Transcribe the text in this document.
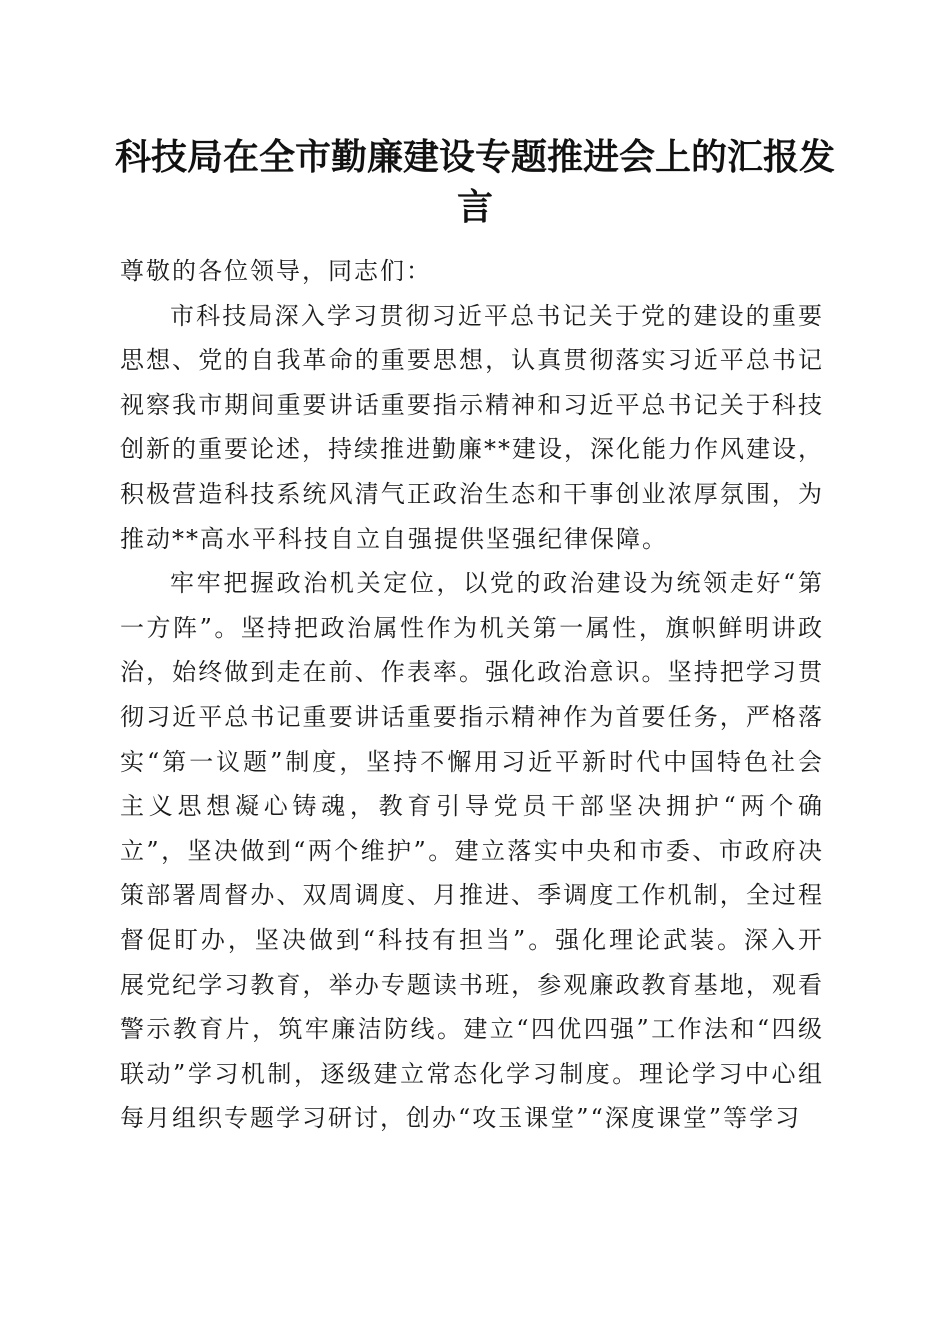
科技局在全市勤廉建设专题推进会上的汇报发言

尊敬的各位领导，同志们：

市科技局深入学习贯彻习近平总书记关于党的建设的重要思想、党的自我革命的重要思想，认真贯彻落实习近平总书记视察我市期间重要讲话重要指示精神和习近平总书记关于科技创新的重要论述，持续推进勤廉**建设，深化能力作风建设，积极营造科技系统风清气正政治生态和干事创业浓厚氛围，为推动**高水平科技自立自强提供坚强纪律保障。

牢牢把握政治机关定位，以党的政治建设为统领走好“第一方阵”。坚持把政治属性作为机关第一属性，旗帜鲜明讲政治，始终做到走在前、作表率。强化政治意识。坚持把学习贯彻习近平总书记重要讲话重要指示精神作为首要任务，严格落实“第一议题”制度，坚持不懈用习近平新时代中国特色社会主义思想凝心铸魂，教育引导党员干部坚决拥护“两个确立”，坚决做到“两个维护”。建立落实中央和市委、市政府决策部署周督办、双周调度、月推进、季调度工作机制，全过程督促盯办，坚决做到“科技有担当”。强化理论武装。深入开展党纪学习教育，举办专题读书班，参观廉政教育基地，观看警示教育片，筑牢廉洁防线。建立“四优四强”工作法和“四级联动”学习机制，逐级建立常态化学习制度。理论学习中心组每月组织专题学习研讨，创办“攻玉课堂”“深度课堂”等学习
